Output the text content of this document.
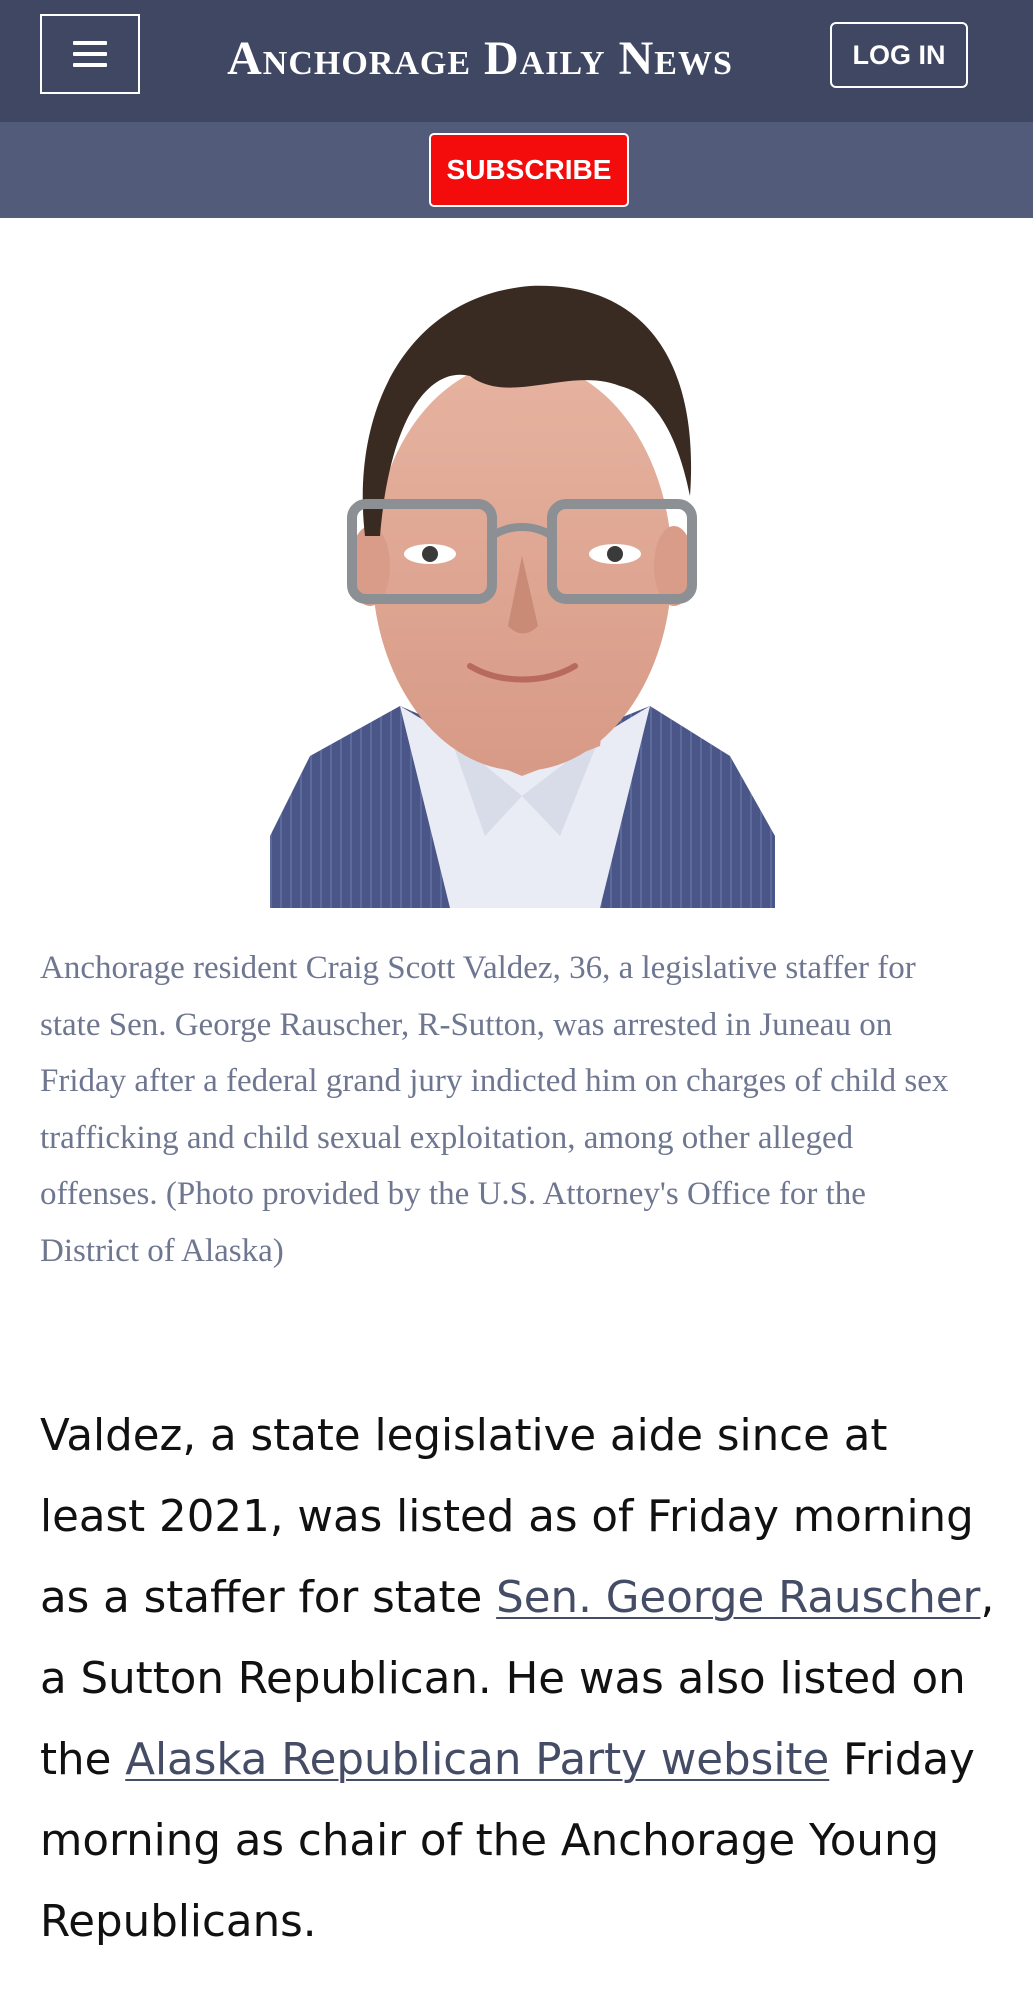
Anchorage Daily News	LOG IN
SUBSCRIBE

Anchorage resident Craig Scott Valdez, 36, a legislative staffer for state Sen. George Rauscher, R-Sutton, was arrested in Juneau on Friday after a federal grand jury indicted him on charges of child sex trafficking and child sexual exploitation, among other alleged offenses. (Photo provided by the U.S. Attorney's Office for the District of Alaska)

Valdez, a state legislative aide since at least 2021, was listed as of Friday morning as a staffer for state Sen. George Rauscher, a Sutton Republican. He was also listed on the Alaska Republican Party website Friday morning as chair of the Anchorage Young Republicans.
